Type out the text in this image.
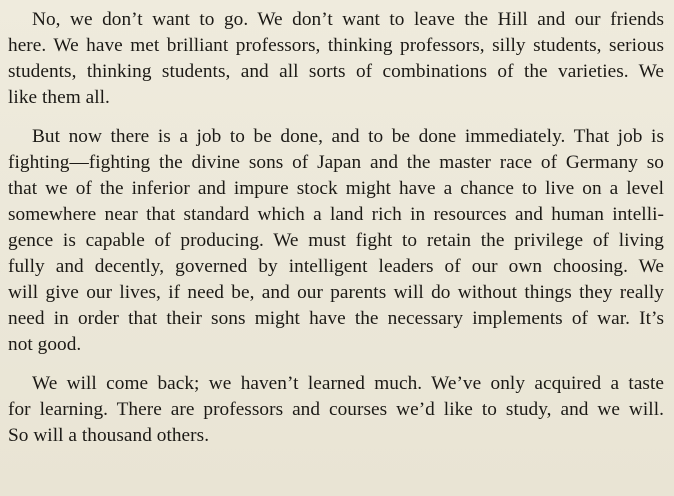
No, we don’t want to go. We don’t want to leave the Hill and our friends
here. We have met brilliant professors, thinking professors, silly students, serious
students, thinking students, and all sorts of combinations of the varieties. We
like them all.

But now there is a job to be done, and to be done immediately. That job is
fighting—fighting the divine sons of Japan and the master race of Germany so
that we of the inferior and impure stock might have a chance to live on a level
somewhere near that standard which a land rich in resources and human intelli-
gence is capable of producing. We must fight to retain the privilege of living
fully and decently, governed by intelligent leaders of our own choosing. We
will give our lives, if need be, and our parents will do without things they really
need in order that their sons might have the necessary implements of war. It’s
not good.

We will come back; we haven’t learned much. We’ve only acquired a taste
for learning. There are professors and courses we’d like to study, and we will.
So will a thousand others.
